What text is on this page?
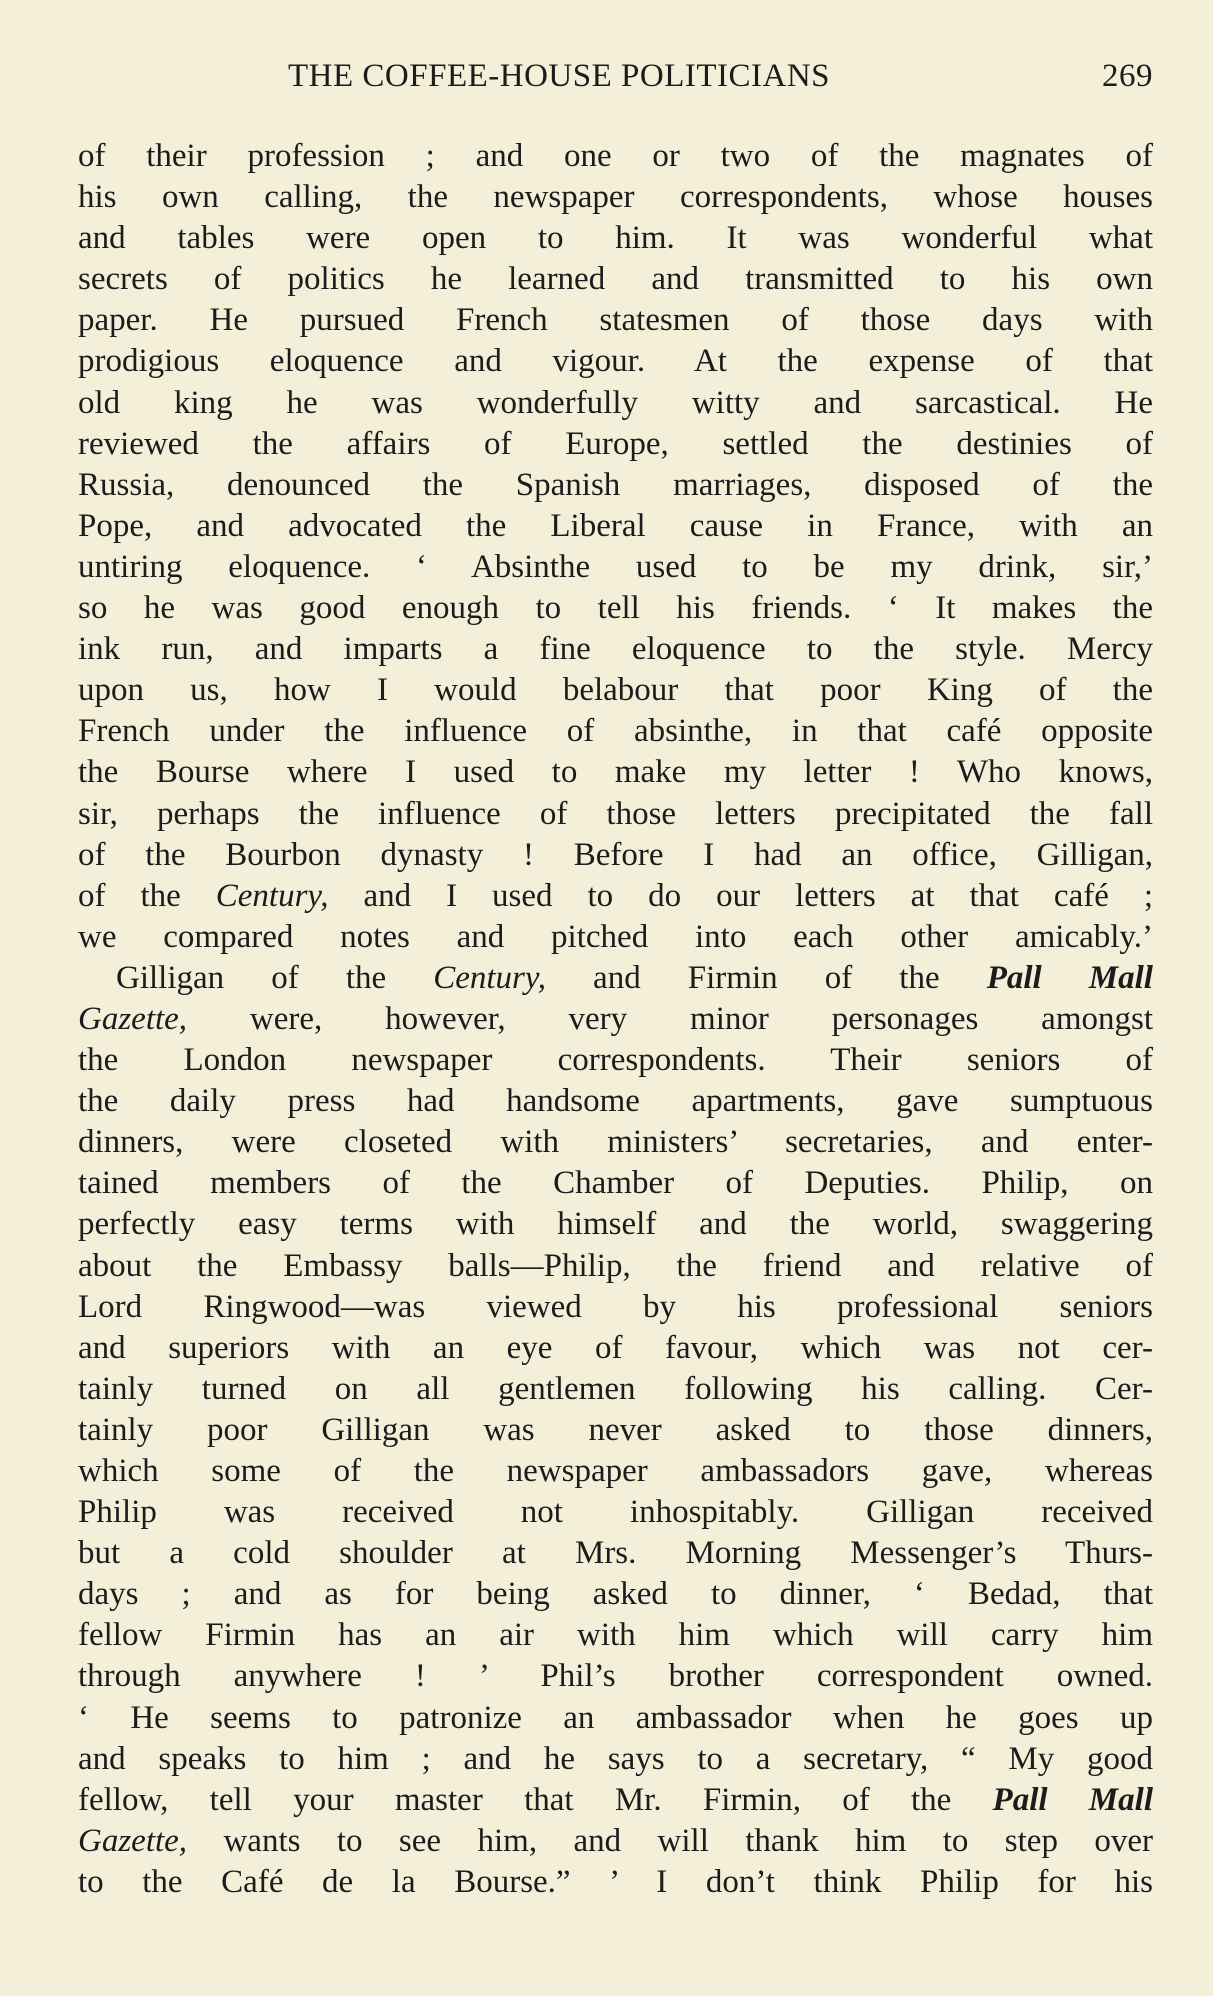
THE COFFEE-HOUSE POLITICIANS	269
of their profession ; and one or two of the magnates of
his own calling, the newspaper correspondents, whose houses
and tables were open to him. It was wonderful what
secrets of politics he learned and transmitted to his own
paper. He pursued French statesmen of those days with
prodigious eloquence and vigour. At the expense of that
old king he was wonderfully witty and sarcastical. He
reviewed the affairs of Europe, settled the destinies of
Russia, denounced the Spanish marriages, disposed of the
Pope, and advocated the Liberal cause in France, with an
untiring eloquence. ‘ Absinthe used to be my drink, sir,’
so he was good enough to tell his friends. ‘ It makes the
ink run, and imparts a fine eloquence to the style. Mercy
upon us, how I would belabour that poor King of the
French under the influence of absinthe, in that café opposite
the Bourse where I used to make my letter ! Who knows,
sir, perhaps the influence of those letters precipitated the fall
of the Bourbon dynasty ! Before I had an office, Gilligan,
of the Century, and I used to do our letters at that café ;
we compared notes and pitched into each other amicably.’
Gilligan of the Century, and Firmin of the Pall Mall
Gazette, were, however, very minor personages amongst
the London newspaper correspondents. Their seniors of
the daily press had handsome apartments, gave sumptuous
dinners, were closeted with ministers’ secretaries, and enter-
tained members of the Chamber of Deputies. Philip, on
perfectly easy terms with himself and the world, swaggering
about the Embassy balls—Philip, the friend and relative of
Lord Ringwood—was viewed by his professional seniors
and superiors with an eye of favour, which was not cer-
tainly turned on all gentlemen following his calling. Cer-
tainly poor Gilligan was never asked to those dinners,
which some of the newspaper ambassadors gave, whereas
Philip was received not inhospitably. Gilligan received
but a cold shoulder at Mrs. Morning Messenger’s Thurs-
days ; and as for being asked to dinner, ‘ Bedad, that
fellow Firmin has an air with him which will carry him
through anywhere ! ’ Phil’s brother correspondent owned.
‘ He seems to patronize an ambassador when he goes up
and speaks to him ; and he says to a secretary, “ My good
fellow, tell your master that Mr. Firmin, of the Pall Mall
Gazette, wants to see him, and will thank him to step over
to the Café de la Bourse.” ’ I don’t think Philip for his
